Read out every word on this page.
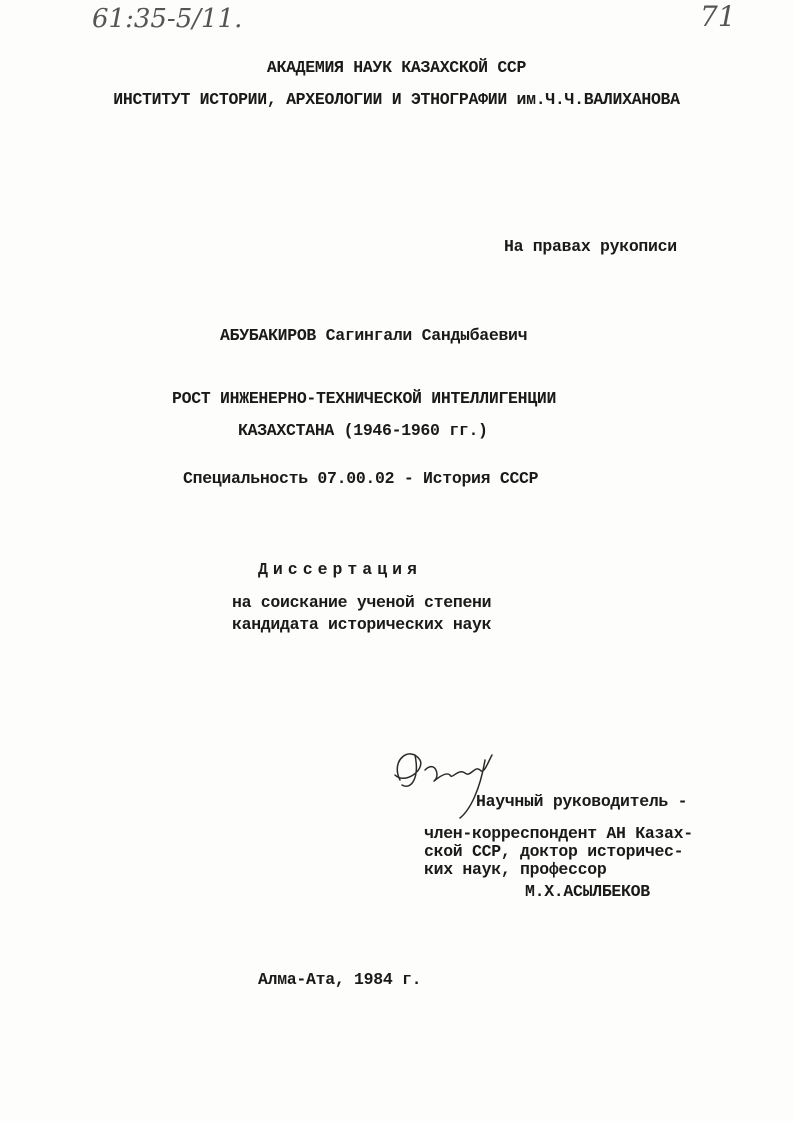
61:35-5/11.	71
АКАДЕМИЯ НАУК КАЗАХСКОЙ ССР
ИНСТИТУТ ИСТОРИИ, АРХЕОЛОГИИ И ЭТНОГРАФИИ им.Ч.Ч.ВАЛИХАНОВА
На правах рукописи
АБУБАКИРОВ Сагингали Сандыбаевич
РОСТ ИНЖЕНЕРНО-ТЕХНИЧЕСКОЙ ИНТЕЛЛИГЕНЦИИ
КАЗАХСТАНА (1946-1960 гг.)
Специальность 07.00.02 - История СССР
Диссертация
на соискание ученой степени
кандидата исторических наук
Научный руководитель -
член-корреспондент АН Казах-
ской ССР, доктор историчес-
ких наук, профессор
М.Х.АСЫЛБЕКОВ
Алма-Ата, 1984 г.
